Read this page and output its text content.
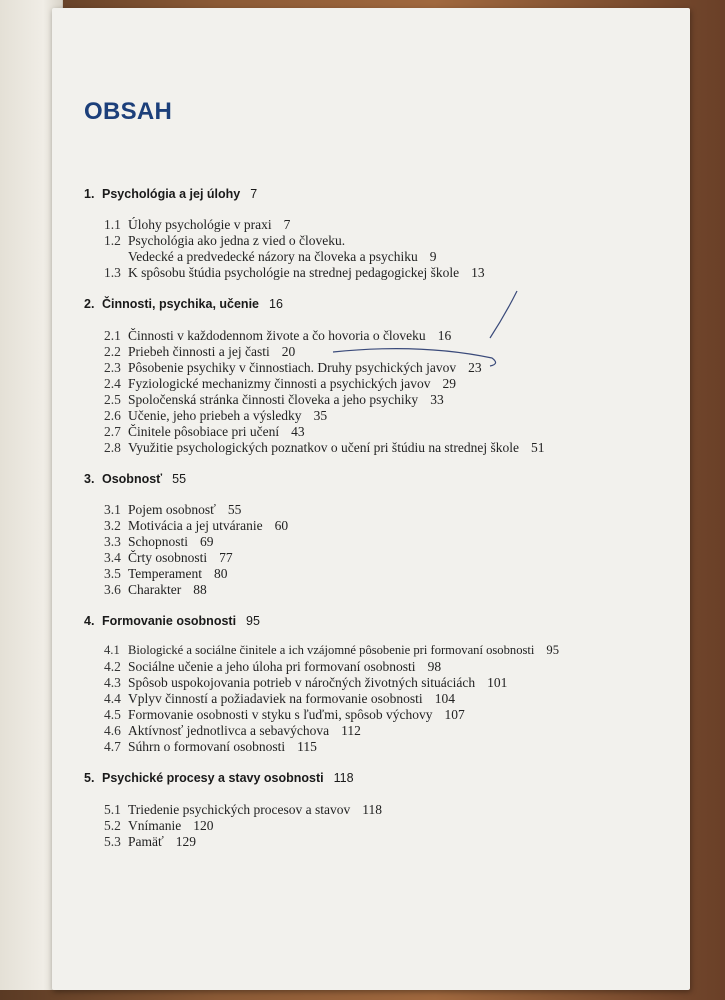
OBSAH
1. Psychológia a jej úlohy 7
1.1 Úlohy psychológie v praxi 7
1.2 Psychológia ako jedna z vied o človeku.
Vedecké a predvedecké názory na človeka a psychiku 9
1.3 K spôsobu štúdia psychológie na strednej pedagogickej škole 13
2. Činnosti, psychika, učenie 16
2.1 Činnosti v každodennom živote a čo hovoria o človeku 16
2.2 Priebeh činnosti a jej časti 20
2.3 Pôsobenie psychiky v činnostiach. Druhy psychických javov 23
2.4 Fyziologické mechanizmy činnosti a psychických javov 29
2.5 Spoločenská stránka činnosti človeka a jeho psychiky 33
2.6 Učenie, jeho priebeh a výsledky 35
2.7 Činitele pôsobiace pri učení 43
2.8 Využitie psychologických poznatkov o učení pri štúdiu na strednej škole 51
3. Osobnosť 55
3.1 Pojem osobnosť 55
3.2 Motivácia a jej utváranie 60
3.3 Schopnosti 69
3.4 Črty osobnosti 77
3.5 Temperament 80
3.6 Charakter 88
4. Formovanie osobnosti 95
4.1 Biologické a sociálne činitele a ich vzájomné pôsobenie pri formovaní osobnosti 95
4.2 Sociálne učenie a jeho úloha pri formovaní osobnosti 98
4.3 Spôsob uspokojovania potrieb v náročných životných situáciách 101
4.4 Vplyv činností a požiadaviek na formovanie osobnosti 104
4.5 Formovanie osobnosti v styku s ľuďmi, spôsob výchovy 107
4.6 Aktívnosť jednotlivca a sebavýchova 112
4.7 Súhrn o formovaní osobnosti 115
5. Psychické procesy a stavy osobnosti 118
5.1 Triedenie psychických procesov a stavov 118
5.2 Vnímanie 120
5.3 Pamäť 129
